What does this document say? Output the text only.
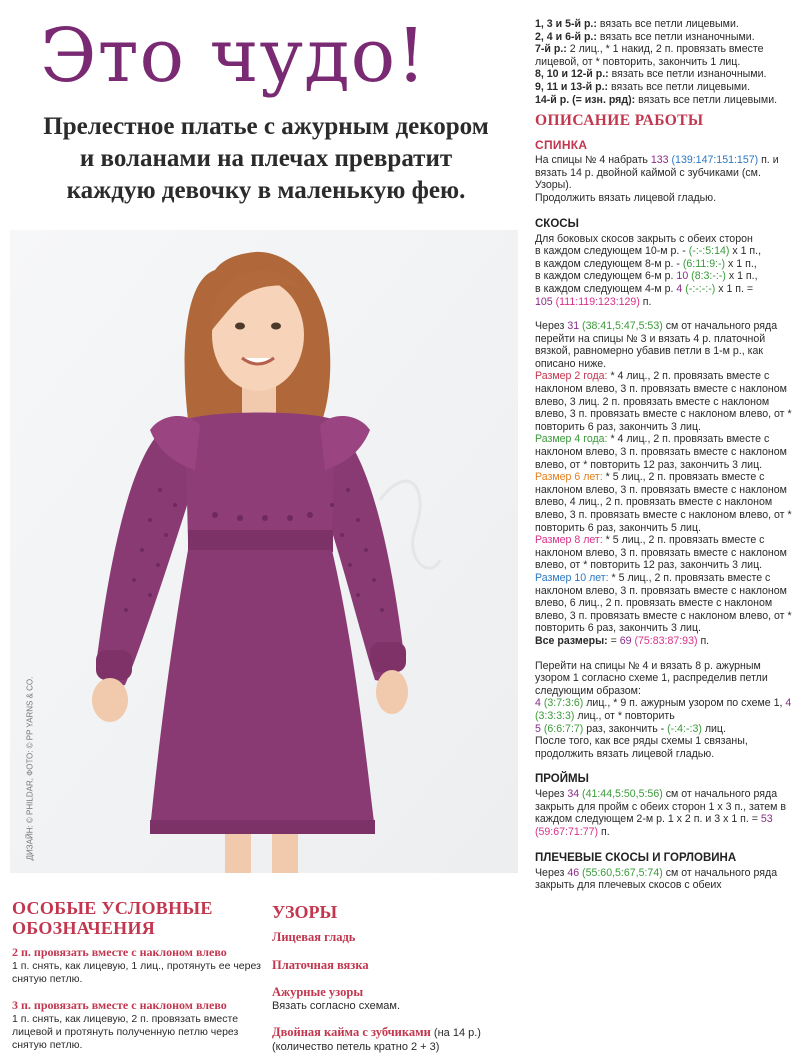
Это чудо!
Прелестное платье с ажурным декором
и воланами на плечах превратит
каждую девочку в маленькую фею.
ДИЗАЙН: © PHILDAR, ФОТО: © PP YARNS & CO.
ОСОБЫЕ УСЛОВНЫЕ
ОБОЗНАЧЕНИЯ
2 п. провязать вместе с наклоном влево
1 п. снять, как лицевую, 1 лиц., протянуть ее через снятую петлю.
3 п. провязать вместе с наклоном влево
1 п. снять, как лицевую, 2 п. провязать вместе лицевой и протянуть полученную петлю через снятую петлю.
УЗОРЫ
Лицевая гладь
Платочная вязка
Ажурные узоры
Вязать согласно схемам.
Двойная кайма с зубчиками (на 14 р.)
(количество петель кратно 2 + 3)

1, 3 и 5-й р.: вязать все петли лицевыми.

2, 4 и 6-й р.: вязать все петли изнаночными.

7-й р.: 2 лиц., * 1 накид, 2 п. провязать вместе лицевой, от * повторить, закончить 1 лиц.

8, 10 и 12-й р.: вязать все петли изнаночными.

9, 11 и 13-й р.: вязать все петли лицевыми.

14-й р. (= изн. ряд): вязать все петли лицевыми.

ОПИСАНИЕ РАБОТЫ
СПИНКА

На спицы № 4 набрать 133 (139:147:151:157) п. и вязать 14 р. двойной каймой с зубчиками (см. Узоры).

Продолжить вязать лицевой гладью.

СКОСЫ

Для боковых скосов закрыть с обеих сторон

в каждом следующем 10-м р. - (-:-:5:14) x 1 п.,

в каждом следующем 8-м р. - (6:11:9:-) x 1 п.,

в каждом следующем 6-м р. 10 (8:3:-:-) x 1 п.,

в каждом следующем 4-м р. 4 (-:-:-:-) x 1 п. =

105 (111:119:123:129) п.

Через 31 (38:41,5:47,5:53) см от начального ряда перейти на спицы № 3 и вязать 4 р. платочной вязкой, равномерно убавив петли в 1-м р., как описано ниже.

Размер 2 года: * 4 лиц., 2 п. провязать вместе с наклоном влево, 3 п. провязать вместе с наклоном влево, 3 лиц. 2 п. провязать вместе с наклоном влево, 3 п. провязать вместе с наклоном влево, от * повторить 6 раз, закончить 3 лиц.

Размер 4 года: * 4 лиц., 2 п. провязать вместе с наклоном влево, 3 п. провязать вместе с наклоном влево, от * повторить 12 раз, закончить 3 лиц.

Размер 6 лет: * 5 лиц., 2 п. провязать вместе с наклоном влево, 3 п. провязать вместе с наклоном влево, 4 лиц., 2 п. провязать вместе с наклоном влево, 3 п. провязать вместе с наклоном влево, от * повторить 6 раз, закончить 5 лиц.

Размер 8 лет: * 5 лиц., 2 п. провязать вместе с наклоном влево, 3 п. провязать вместе с наклоном влево, от * повторить 12 раз, закончить 3 лиц.

Размер 10 лет: * 5 лиц., 2 п. провязать вместе с наклоном влево, 3 п. провязать вместе с наклоном влево, 6 лиц., 2 п. провязать вместе с наклоном влево, 3 п. провязать вместе с наклоном влево, от * повторить 6 раз, закончить 3 лиц.

Все размеры: = 69 (75:83:87:93) п.

Перейти на спицы № 4 и вязать 8 р. ажурным узором 1 согласно схеме 1, распределив петли следующим образом:

4 (3:7:3:6) лиц., * 9 п. ажурным узором по схеме 1, 4 (3:3:3:3) лиц., от * повторить

5 (6:6:7:7) раз, закончить - (-:4:-:3) лиц.

После того, как все ряды схемы 1 связаны, продолжить вязать лицевой гладью.

ПРОЙМЫ

Через 34 (41:44,5:50,5:56) см от начального ряда закрыть для пройм с обеих сторон 1 х 3 п., затем в каждом следующем 2-м р. 1 х 2 п. и 3 х 1 п. = 53 (59:67:71:77) п.

ПЛЕЧЕВЫЕ СКОСЫ И ГОРЛОВИНА

Через 46 (55:60,5:67,5:74) см от начального ряда закрыть для плечевых скосов с обеих
